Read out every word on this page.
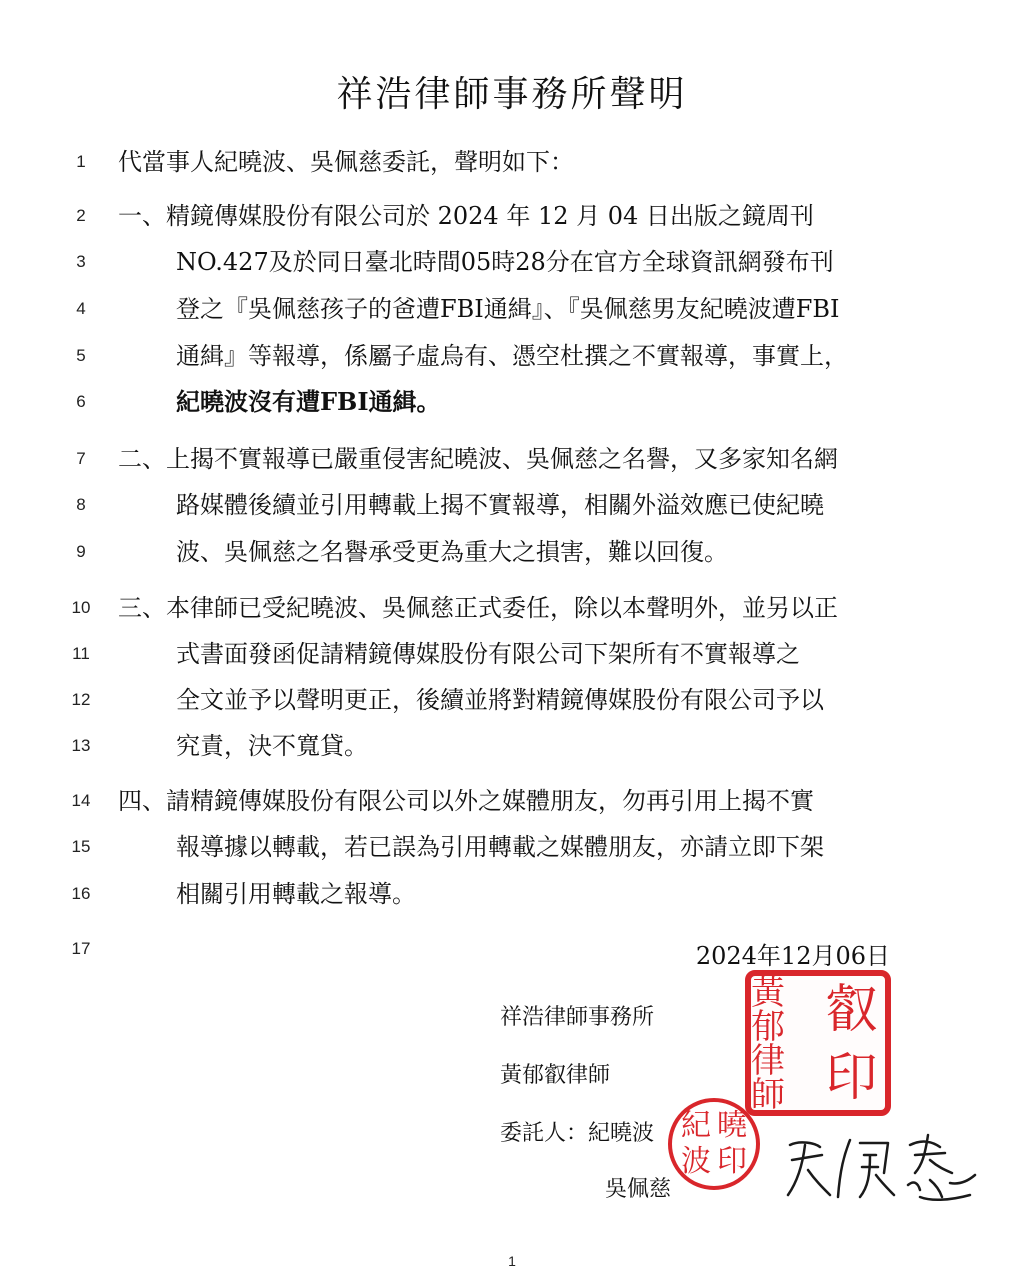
祥浩律師事務所聲明
1
2
3
4
5
6
7
8
9
10
11
12
13
14
15
16
17
代當事人紀曉波、吳佩慈委託，聲明如下：
一、精鏡傳媒股份有限公司於 2024 年 12 月 04 日出版之鏡周刊
NO.427及於同日臺北時間05時28分在官方全球資訊網發布刊
登之『吳佩慈孩子的爸遭FBI通緝』、『吳佩慈男友紀曉波遭FBI
通緝』等報導，係屬子虛烏有、憑空杜撰之不實報導，事實上，
紀曉波沒有遭FBI通緝。
二、上揭不實報導已嚴重侵害紀曉波、吳佩慈之名譽，又多家知名網
路媒體後續並引用轉載上揭不實報導，相關外溢效應已使紀曉
波、吳佩慈之名譽承受更為重大之損害，難以回復。
三、本律師已受紀曉波、吳佩慈正式委任，除以本聲明外，並另以正
式書面發函促請精鏡傳媒股份有限公司下架所有不實報導之
全文並予以聲明更正，後續並將對精鏡傳媒股份有限公司予以
究責，決不寬貸。
四、請精鏡傳媒股份有限公司以外之媒體朋友，勿再引用上揭不實
報導據以轉載，若已誤為引用轉載之媒體朋友，亦請立即下架
相關引用轉載之報導。
2024年12月06日
祥浩律師事務所
黃郁叡律師
委託人：紀曉波
吳佩慈
黃郁 叡
律師 印
紀 曉
波 印
1
